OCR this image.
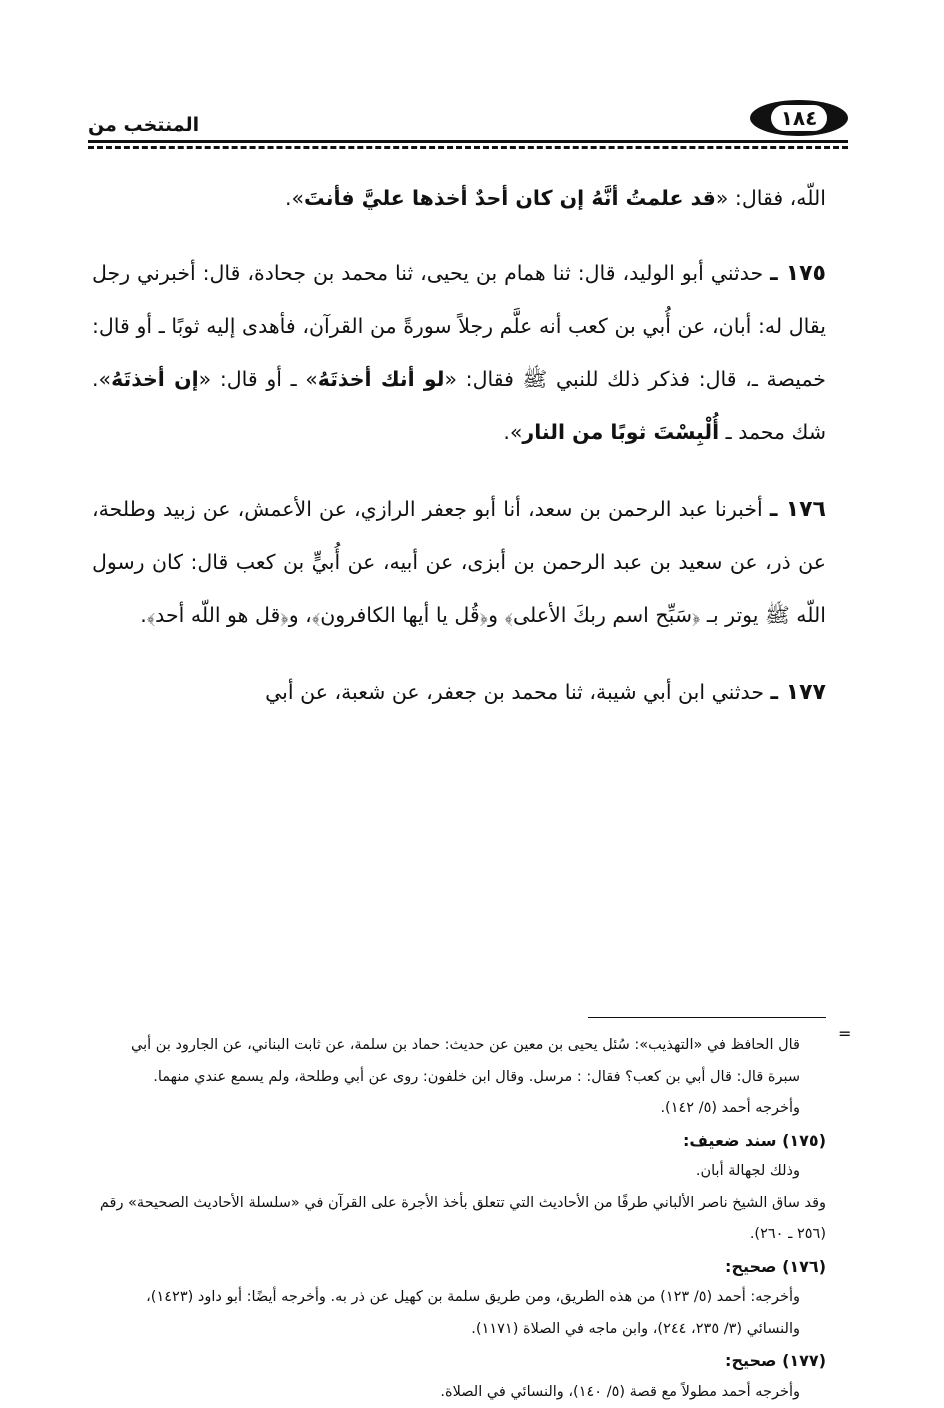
١٨٤
المنتخب من

اللّه، فقال: «قد علمتُ أنَّهُ إن كان أحدٌ أخذها عليَّ فأنتَ».

١٧٥ ـ حدثني أبو الوليد، قال: ثنا همام بن يحيى، ثنا محمد بن جحادة، قال: أخبرني رجل يقال له: أبان، عن أُبي بن كعب أنه علَّم رجلاً سورةً من القرآن، فأهدى إليه ثوبًا ـ أو قال: خميصة ـ، قال: فذكر ذلك للنبي ﷺ فقال: «لو أنك أخذتَهُ» ـ أو قال: «إن أخذتَهُ». شك محمد ـ أُلْبِسْتَ ثوبًا من النار».

١٧٦ ـ أخبرنا عبد الرحمن بن سعد، أنا أبو جعفر الرازي، عن الأعمش، عن زبيد وطلحة، عن ذر، عن سعيد بن عبد الرحمن بن أبزى، عن أبيه، عن أُبيٍّ بن كعب قال: كان رسول اللّه ﷺ يوتر بـ ﴿سَبِّح اسم ربكَ الأعلى﴾ و﴿قُل يا أيها الكافرون﴾، و﴿قل هو اللّه أحد﴾.

١٧٧ ـ حدثني ابن أبي شيبة، ثنا محمد بن جعفر، عن شعبة، عن أبي

=
قال الحافظ في «التهذيب»: سُئل يحيى بن معين عن حديث: حماد بن سلمة، عن ثابت البناني، عن الجارود بن أبي سبرة قال: قال أبي بن كعب؟ فقال: : مرسل. وقال ابن خلفون: روى عن أبي وطلحة، ولم يسمع عندي منهما.
وأخرجه أحمد (٥/ ١٤٢).
(١٧٥) سند ضعيف:
وذلك لجهالة أبان.
وقد ساق الشيخ ناصر الألباني طرفًا من الأحاديث التي تتعلق بأخذ الأجرة على القرآن في «سلسلة الأحاديث الصحيحة» رقم (٢٥٦ ـ ٢٦٠).
(١٧٦) صحيح:
وأخرجه: أحمد (٥/ ١٢٣) من هذه الطريق، ومن طريق سلمة بن كهيل عن ذر به. وأخرجه أيضًا: أبو داود (١٤٢٣)، والنسائي (٣/ ٢٣٥، ٢٤٤)، وابن ماجه في الصلاة (١١٧١).
(١٧٧) صحيح:
وأخرجه أحمد مطولاً مع قصة (٥/ ١٤٠)، والنسائي في الصلاة.
